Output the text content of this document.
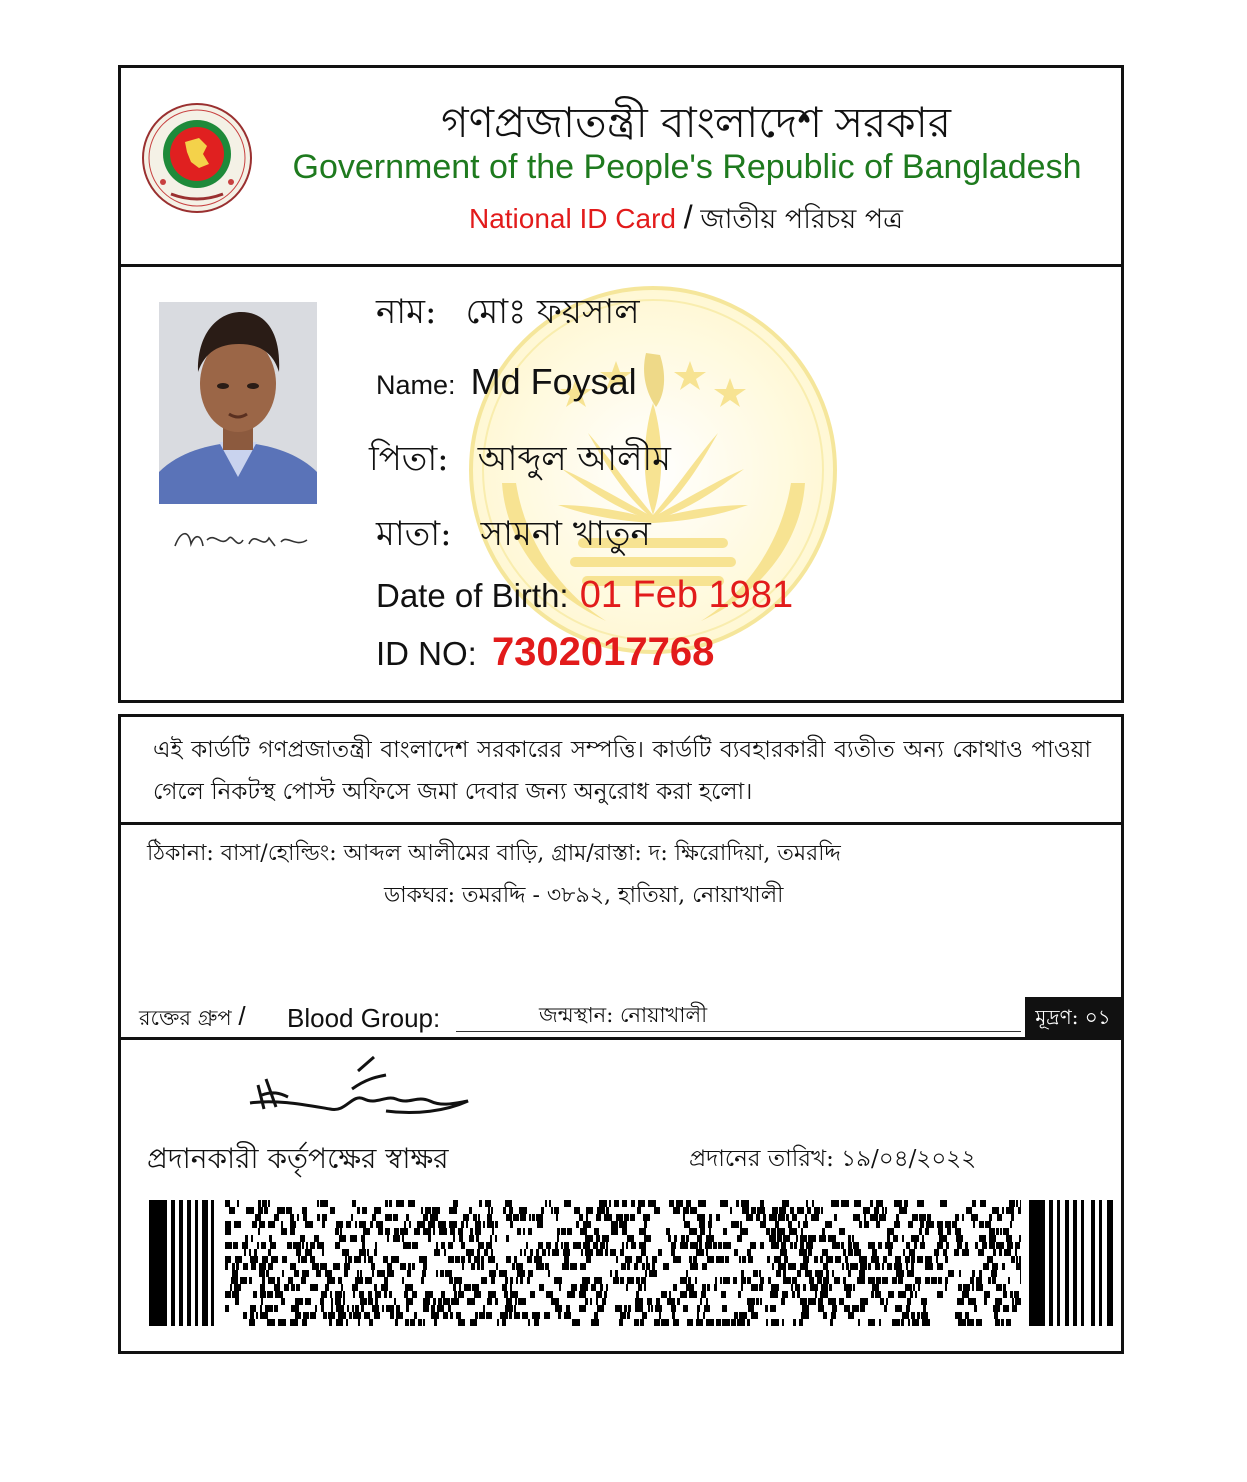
গণপ্রজাতন্ত্রী বাংলাদেশ সরকার
Government of the People's Republic of Bangladesh
National ID Card / জাতীয় পরিচয় পত্র
নাম: মোঃ ফয়সাল
Name: Md Foysal
পিতা: আব্দুল আলীম
মাতা: সামনা খাতুন
Date of Birth: 01 Feb 1981
ID NO: 7302017768
এই কার্ডটি গণপ্রজাতন্ত্রী বাংলাদেশ সরকারের সম্পত্তি। কার্ডটি ব্যবহারকারী ব্যতীত অন্য কোথাও পাওয়া গেলে নিকটস্থ পোস্ট অফিসে জমা দেবার জন্য অনুরোধ করা হলো।
ঠিকানা: বাসা/হোল্ডিং: আব্দল আলীমের বাড়ি, গ্রাম/রাস্তা: দ: ক্ষিরোদিয়া, তমরদ্দি
ডাকঘর: তমরদ্দি - ৩৮৯২, হাতিয়া, নোয়াখালী
রক্তের গ্রুপ / Blood Group:	জন্মস্থান: নোয়াখালী	মূদ্রণ: ০১
প্রদানকারী কর্তৃপক্ষের স্বাক্ষর	প্রদানের তারিখ: ১৯/০৪/২০২২
